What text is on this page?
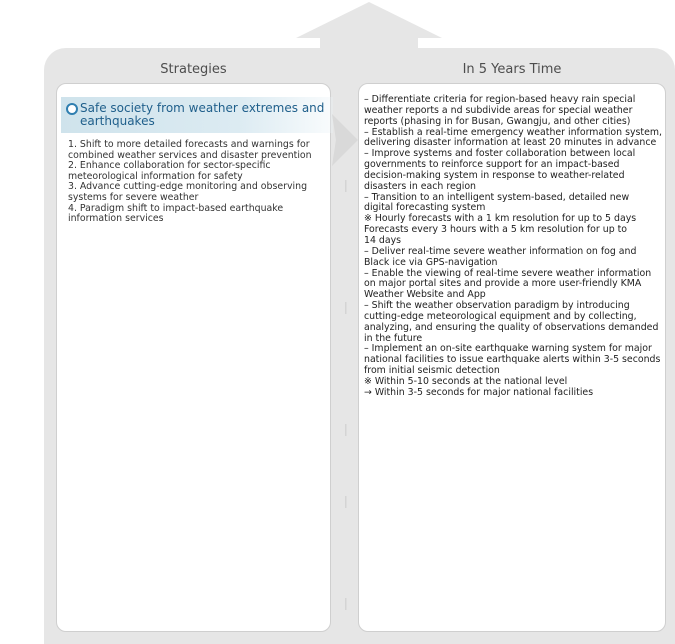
Strategies	In 5 Years Time
Safe society from weather extremes and earthquakes
1. Shift to more detailed forecasts and warnings for
combined weather services and disaster prevention
2. Enhance collaboration for sector-specific
meteorological information for safety
3. Advance cutting-edge monitoring and observing
systems for severe weather
4. Paradigm shift to impact-based earthquake
information services
– Differentiate criteria for region-based heavy rain special
weather reports a nd subdivide areas for special weather
reports (phasing in for Busan, Gwangju, and other cities)
– Establish a real-time emergency weather information system,
delivering disaster information at least 20 minutes in advance
– Improve systems and foster collaboration between local
governments to reinforce support for an impact-based
decision-making system in response to weather-related
disasters in each region
– Transition to an intelligent system-based, detailed new
digital forecasting system
※ Hourly forecasts with a 1 km resolution for up to 5 days
Forecasts every 3 hours with a 5 km resolution for up to
14 days
– Deliver real-time severe weather information on fog and
Black ice via GPS-navigation
– Enable the viewing of real-time severe weather information
on major portal sites and provide a more user-friendly KMA
Weather Website and App
– Shift the weather observation paradigm by introducing
cutting-edge meteorological equipment and by collecting,
analyzing, and ensuring the quality of observations demanded
in the future
– Implement an on-site earthquake warning system for major
national facilities to issue earthquake alerts within 3-5 seconds
from initial seismic detection
※ Within 5-10 seconds at the national level
→ Within 3-5 seconds for major national facilities
